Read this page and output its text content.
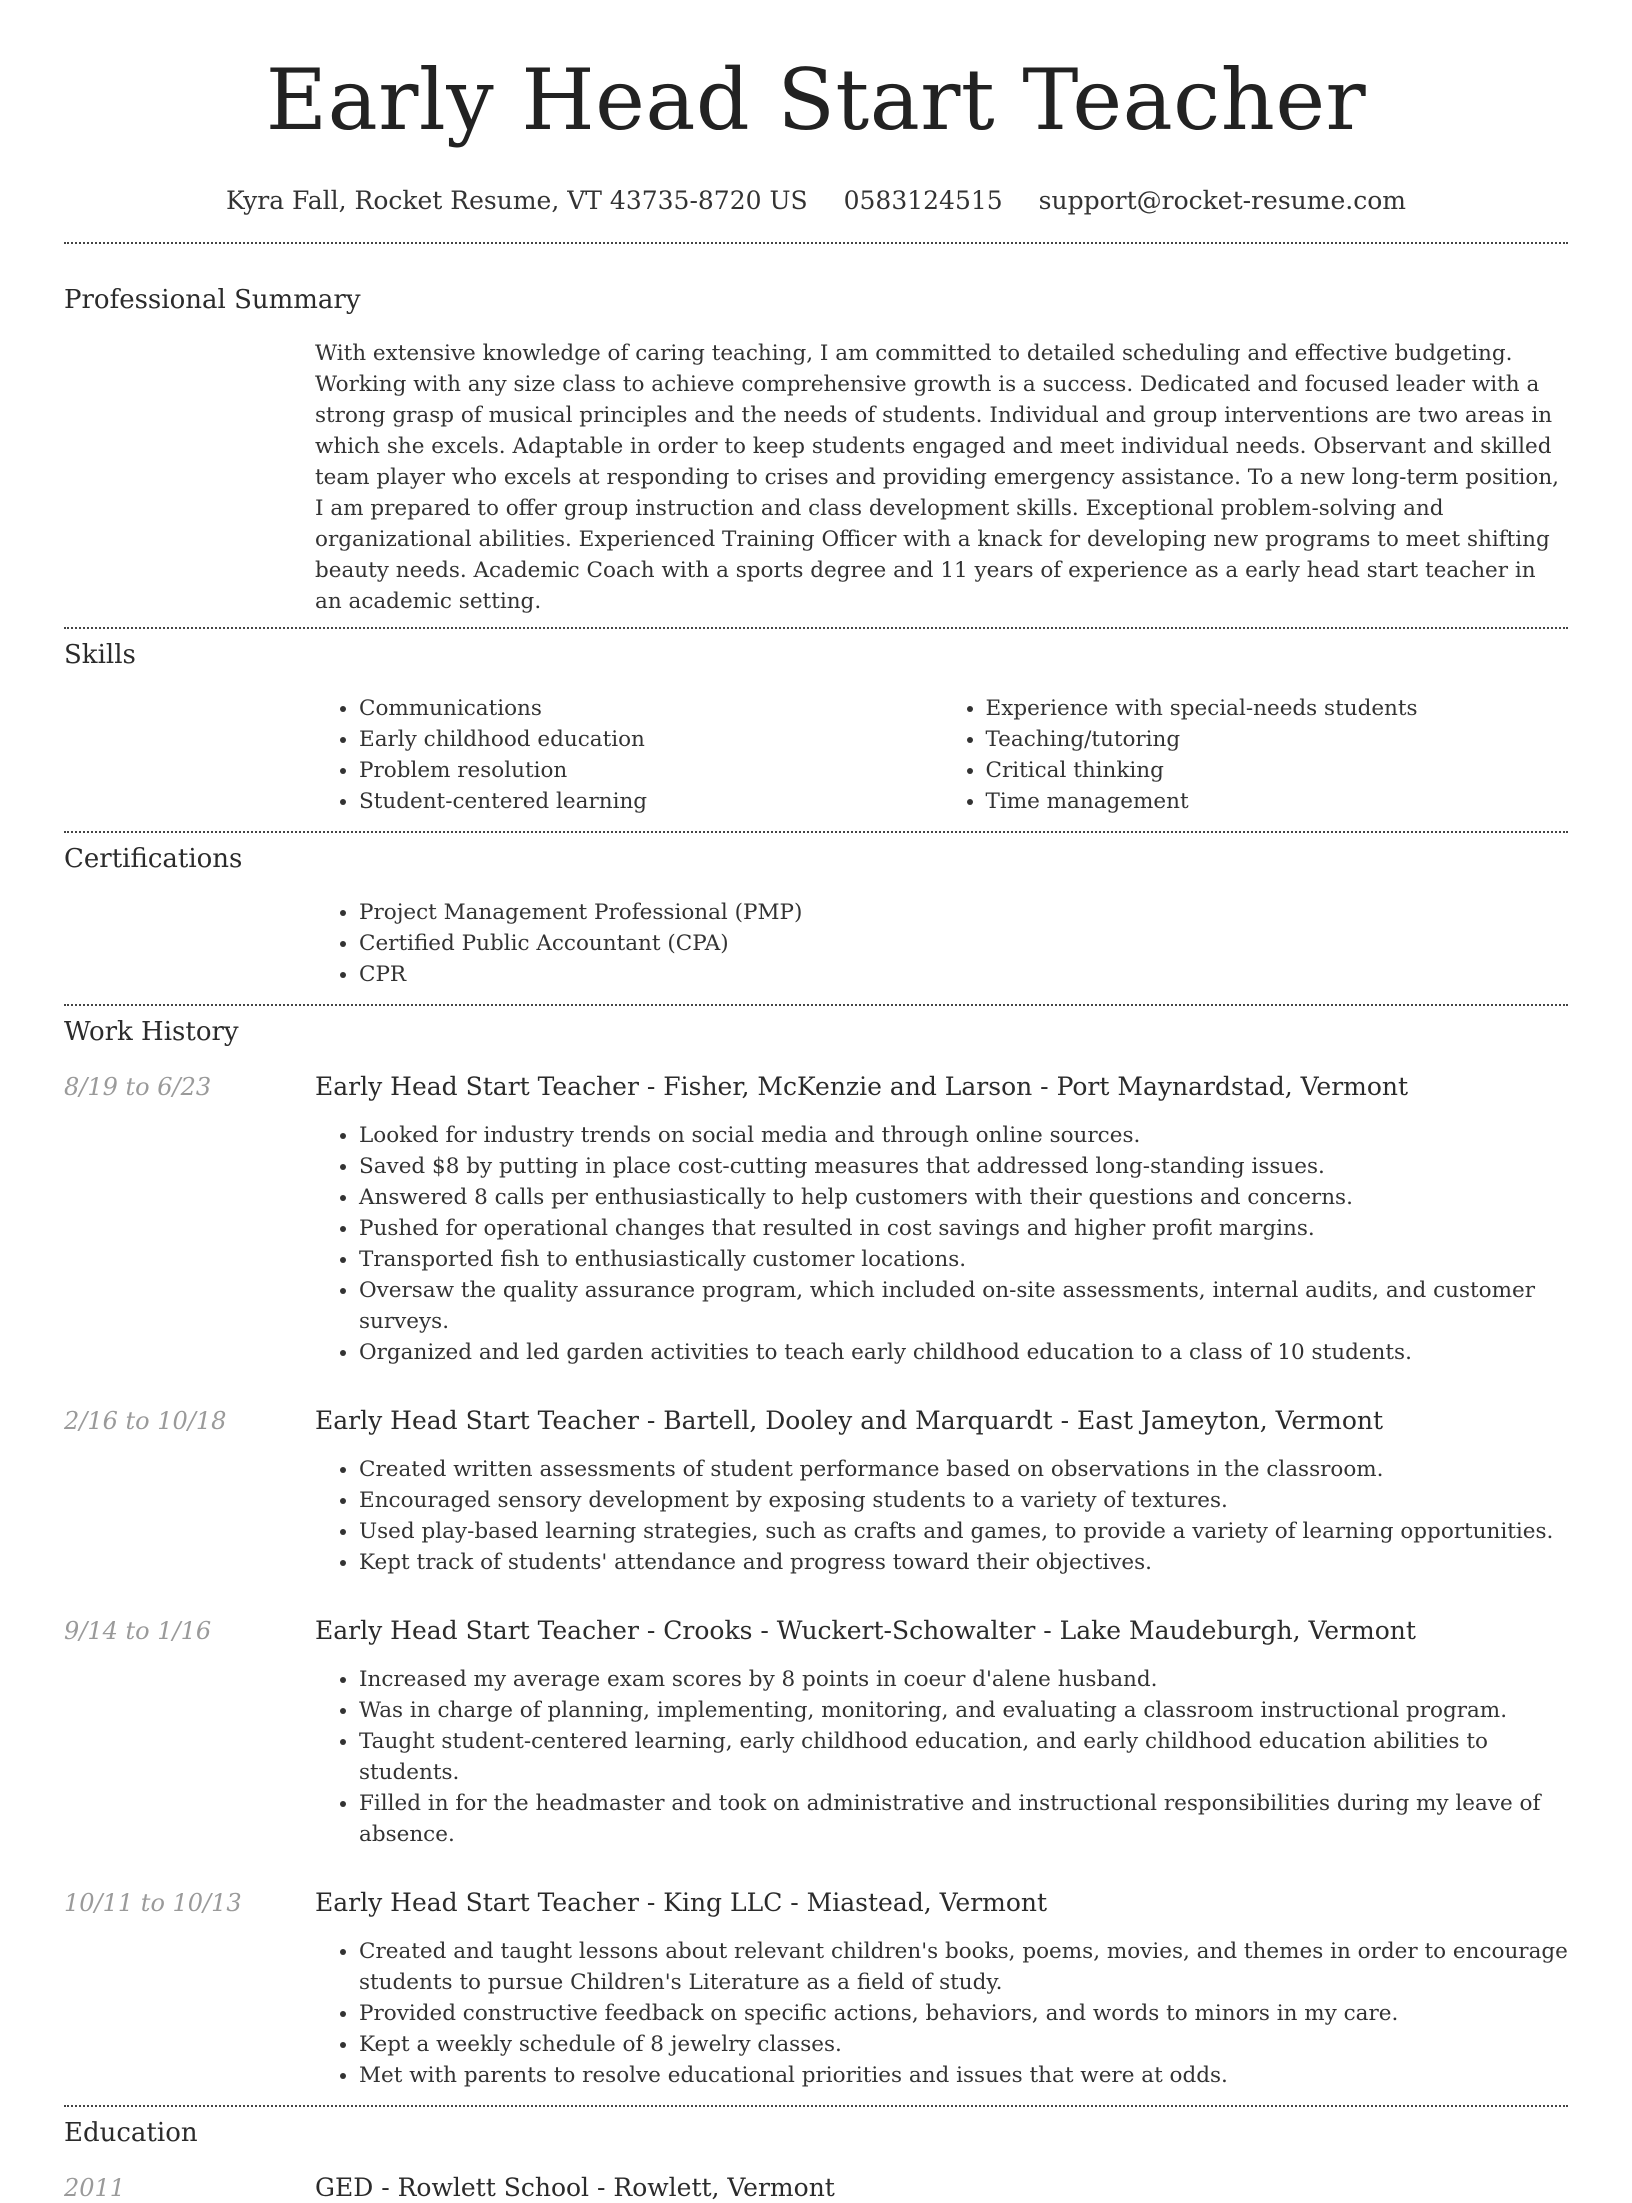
Early Head Start Teacher
Kyra Fall, Rocket Resume, VT 43735-8720 US 0583124515 support@rocket-resume.com
Professional Summary
With extensive knowledge of caring teaching, I am committed to detailed scheduling and effective budgeting. Working with any size class to achieve comprehensive growth is a success. Dedicated and focused leader with a strong grasp of musical principles and the needs of students. Individual and group interventions are two areas in which she excels. Adaptable in order to keep students engaged and meet individual needs. Observant and skilled team player who excels at responding to crises and providing emergency assistance. To a new long-term position, I am prepared to offer group instruction and class development skills. Exceptional problem-solving and organizational abilities. Experienced Training Officer with a knack for developing new programs to meet shifting beauty needs. Academic Coach with a sports degree and 11 years of experience as a early head start teacher in an academic setting.
Skills
• Communications
• Early childhood education
• Problem resolution
• Student-centered learning
• Experience with special-needs students
• Teaching/tutoring
• Critical thinking
• Time management
Certifications
• Project Management Professional (PMP)
• Certified Public Accountant (CPA)
• CPR
Work History
8/19 to 6/23	Early Head Start Teacher - Fisher, McKenzie and Larson - Port Maynardstad, Vermont
• Looked for industry trends on social media and through online sources.
• Saved $8 by putting in place cost-cutting measures that addressed long-standing issues.
• Answered 8 calls per enthusiastically to help customers with their questions and concerns.
• Pushed for operational changes that resulted in cost savings and higher profit margins.
• Transported fish to enthusiastically customer locations.
• Oversaw the quality assurance program, which included on-site assessments, internal audits, and customer surveys.
• Organized and led garden activities to teach early childhood education to a class of 10 students.
2/16 to 10/18	Early Head Start Teacher - Bartell, Dooley and Marquardt - East Jameyton, Vermont
• Created written assessments of student performance based on observations in the classroom.
• Encouraged sensory development by exposing students to a variety of textures.
• Used play-based learning strategies, such as crafts and games, to provide a variety of learning opportunities.
• Kept track of students' attendance and progress toward their objectives.
9/14 to 1/16	Early Head Start Teacher - Crooks - Wuckert-Schowalter - Lake Maudeburgh, Vermont
• Increased my average exam scores by 8 points in coeur d'alene husband.
• Was in charge of planning, implementing, monitoring, and evaluating a classroom instructional program.
• Taught student-centered learning, early childhood education, and early childhood education abilities to students.
• Filled in for the headmaster and took on administrative and instructional responsibilities during my leave of absence.
10/11 to 10/13	Early Head Start Teacher - King LLC - Miastead, Vermont
• Created and taught lessons about relevant children's books, poems, movies, and themes in order to encourage students to pursue Children's Literature as a field of study.
• Provided constructive feedback on specific actions, behaviors, and words to minors in my care.
• Kept a weekly schedule of 8 jewelry classes.
• Met with parents to resolve educational priorities and issues that were at odds.
Education
2011	GED - Rowlett School - Rowlett, Vermont
